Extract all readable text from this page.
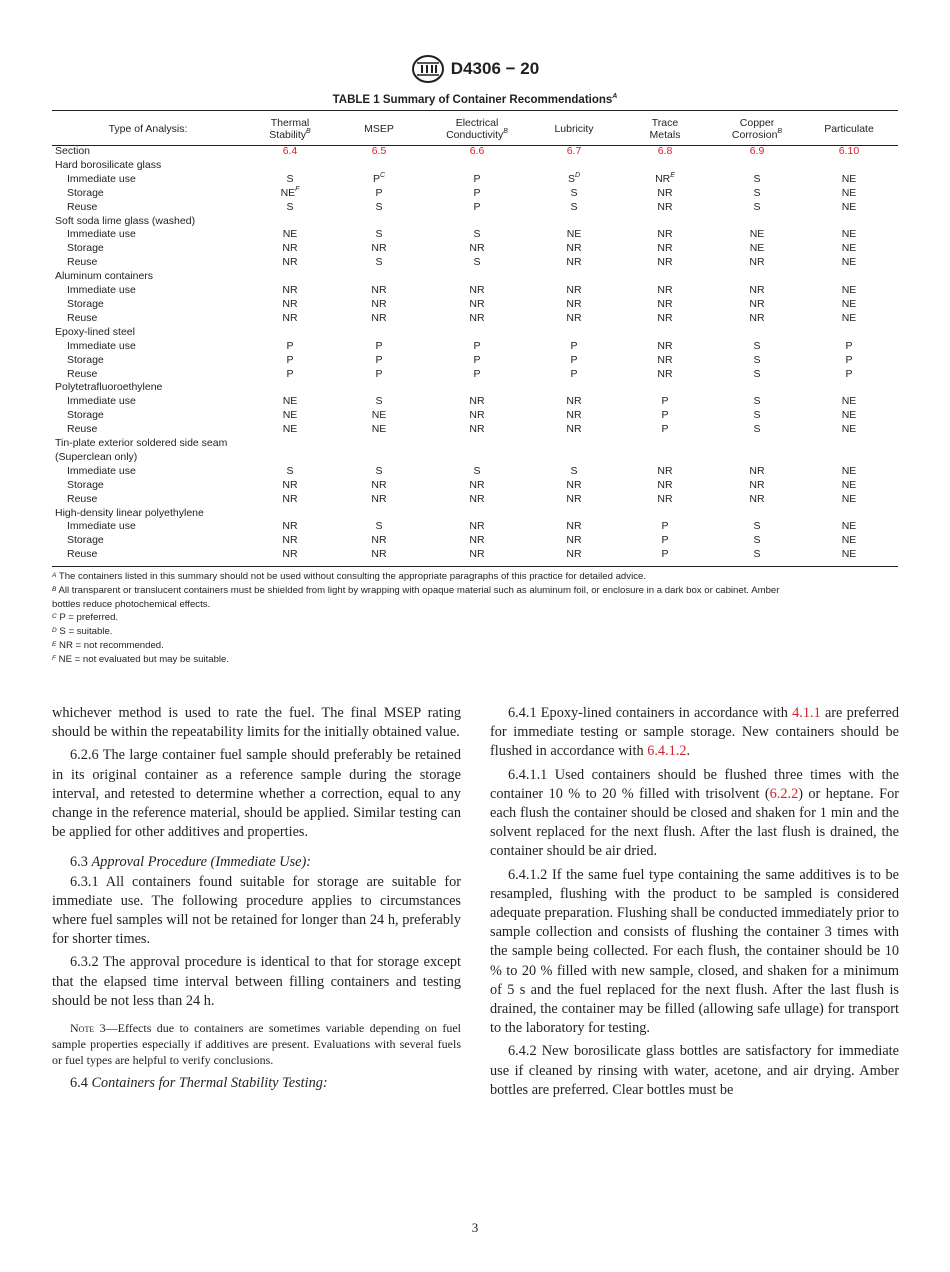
D4306 − 20
TABLE 1 Summary of Container Recommendations$^A$
Type of Analysis:	Thermal Stability$^B$	MSEP	Electrical Conductivity$^B$	Lubricity	Trace Metals	Copper Corrosion$^B$	Particulate
Section	6.4	6.5	6.6	6.7	6.8	6.9	6.10
Hard borosilicate glass							
Immediate use	S	$P^C$	P	$S^D$	$NR^E$	S	NE
Storage	$NE^F$	P	P	S	NR	S	NE
Reuse	S	S	P	S	NR	S	NE
Soft soda lime glass (washed)							
Immediate use	NE	S	S	NE	NR	NE	NE
Storage	NR	NR	NR	NR	NR	NE	NE
Reuse	NR	S	S	NR	NR	NR	NE
Aluminum containers							
Immediate use	NR	NR	NR	NR	NR	NR	NE
Storage	NR	NR	NR	NR	NR	NR	NE
Reuse	NR	NR	NR	NR	NR	NR	NE
Epoxy-lined steel							
Immediate use	P	P	P	P	NR	S	P
Storage	P	P	P	P	NR	S	P
Reuse	P	P	P	P	NR	S	P
Polytetrafluoroethylene							
Immediate use	NE	S	NR	NR	P	S	NE
Storage	NE	NE	NR	NR	P	S	NE
Reuse	NE	NE	NR	NR	P	S	NE
Tin-plate exterior soldered side seam							
(Superclean only)							
Immediate use	S	S	S	S	NR	NR	NE
Storage	NR	NR	NR	NR	NR	NR	NE
Reuse	NR	NR	NR	NR	NR	NR	NE
High-density linear polyethylene							
Immediate use	NR	S	NR	NR	P	S	NE
Storage	NR	NR	NR	NR	P	S	NE
Reuse	NR	NR	NR	NR	P	S	NE
$^A$ The containers listed in this summary should not be used without consulting the appropriate paragraphs of this practice for detailed advice.
$^B$ All transparent or translucent containers must be shielded from light by wrapping with opaque material such as aluminum foil, or enclosure in a dark box or cabinet. Amber
bottles reduce photochemical effects.
$^C$ P = preferred.
$^D$ S = suitable.
$^E$ NR = not recommended.
$^F$ NE = not evaluated but may be suitable.

whichever method is used to rate the fuel. The final MSEP rating should be within the repeatability limits for the initially obtained value.

6.2.6 The large container fuel sample should preferably be retained in its original container as a reference sample during the storage interval, and retested to determine whether a correction, equal to any change in the reference material, should be applied. Similar testing can be applied for other additives and properties.

6.3 Approval Procedure (Immediate Use):

6.3.1 All containers found suitable for storage are suitable for immediate use. The following procedure applies to circumstances where fuel samples will not be retained for longer than 24 h, preferably for shorter times.

6.3.2 The approval procedure is identical to that for storage except that the elapsed time interval between filling containers and testing should be not less than 24 h.

Note 3—Effects due to containers are sometimes variable depending on fuel sample properties especially if additives are present. Evaluations with several fuels or fuel types are helpful to verify conclusions.

6.4 Containers for Thermal Stability Testing:

6.4.1 Epoxy-lined containers in accordance with 4.1.1 are preferred for immediate testing or sample storage. New containers should be flushed in accordance with 6.4.1.2.

6.4.1.1 Used containers should be flushed three times with the container 10 % to 20 % filled with trisolvent (6.2.2) or heptane. For each flush the container should be closed and shaken for 1 min and the solvent replaced for the next flush. After the last flush is drained, the container should be air dried.

6.4.1.2 If the same fuel type containing the same additives is to be resampled, flushing with the product to be sampled is considered adequate preparation. Flushing shall be conducted immediately prior to sample collection and consists of flushing the container 3 times with the sample being collected. For each flush, the container should be 10 % to 20 % filled with new sample, closed, and shaken for a minimum of 5 s and the fuel replaced for the next flush. After the last flush is drained, the container may be filled (allowing safe ullage) for transport to the laboratory for testing.

6.4.2 New borosilicate glass bottles are satisfactory for immediate use if cleaned by rinsing with water, acetone, and air drying. Amber bottles are preferred. Clear bottles must be

3
